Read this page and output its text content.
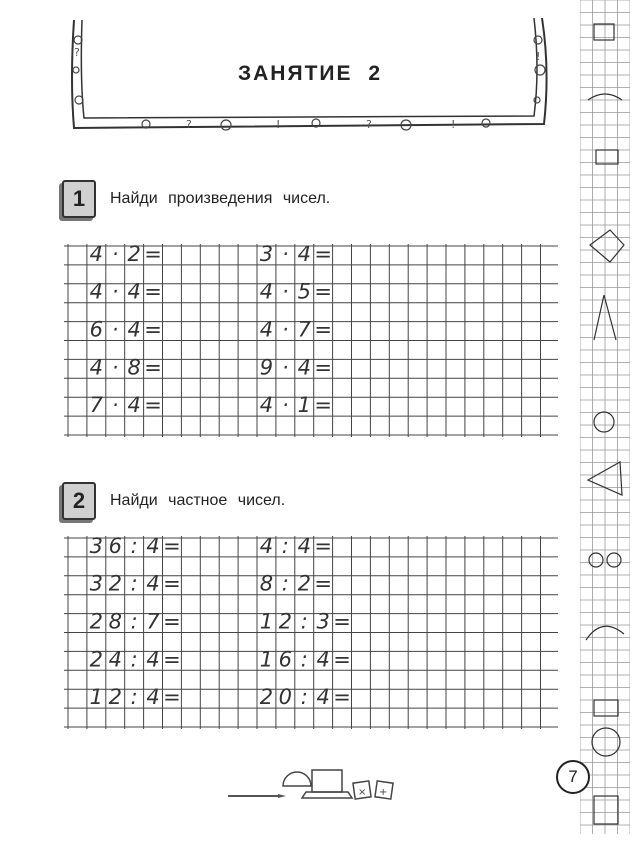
?	!
?	!	?	!
ЗАНЯТИЕ 2
1	Найди произведения чисел.
4 · 2 =	3 · 4 =
4 · 4 =	4 · 5 =
6 · 4 =	4 · 7 =
4 · 8 =	9 · 4 =
7 · 4 =	4 · 1 =
2	Найди частное чисел.
3 6 : 4 =	4 : 4 =
3 2 : 4 =	8 : 2 =
2 8 : 7 =	1 2 : 3 =
2 4 : 4 =	1 6 : 4 =
1 2 : 4 =	2 0 : 4 =
7
× +
